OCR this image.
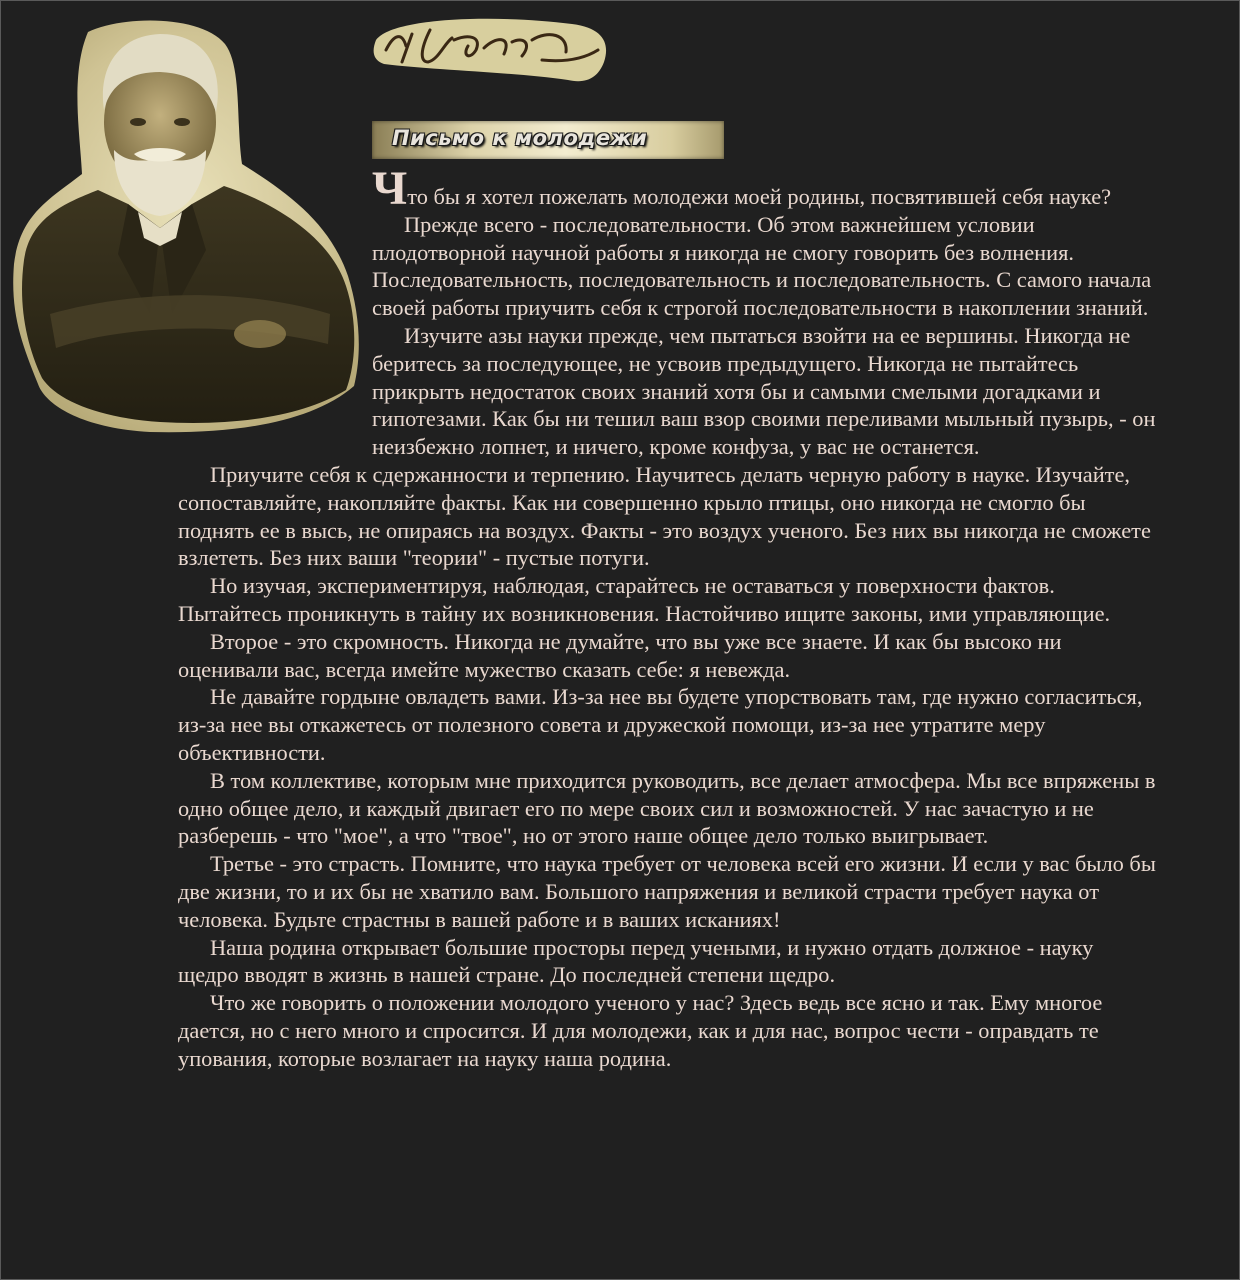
Письмо к молодежи

Что бы я хотел пожелать молодежи моей родины, посвятившей себя науке?

Прежде всего - последовательности. Об этом важнейшем условии плодотворной научной работы я никогда не смогу говорить без волнения. Последовательность, последовательность и последовательность. С самого начала своей работы приучить себя к строгой последовательности в накоплении знаний.

Изучите азы науки прежде, чем пытаться взойти на ее вершины. Никогда не беритесь за последующее, не усвоив предыдущего. Никогда не пытайтесь прикрыть недостаток своих знаний хотя бы и самыми смелыми догадками и гипотезами. Как бы ни тешил ваш взор своими переливами мыльный пузырь, - он неизбежно лопнет, и ничего, кроме конфуза, у вас не останется.

Приучите себя к сдержанности и терпению. Научитесь делать черную работу в науке. Изучайте, сопоставляйте, накопляйте факты. Как ни совершенно крыло птицы, оно никогда не смогло бы поднять ее в высь, не опираясь на воздух. Факты - это воздух ученого. Без них вы никогда не сможете взлететь. Без них ваши "теории" - пустые потуги.

Но изучая, экспериментируя, наблюдая, старайтесь не оставаться у поверхности фактов. Пытайтесь проникнуть в тайну их возникновения. Настойчиво ищите законы, ими управляющие.

Второе - это скромность. Никогда не думайте, что вы уже все знаете. И как бы высоко ни оценивали вас, всегда имейте мужество сказать себе: я невежда.

Не давайте гордыне овладеть вами. Из-за нее вы будете упорствовать там, где нужно согласиться, из-за нее вы откажетесь от полезного совета и дружеской помощи, из-за нее утратите меру объективности.

В том коллективе, которым мне приходится руководить, все делает атмосфера. Мы все впряжены в одно общее дело, и каждый двигает его по мере своих сил и возможностей. У нас зачастую и не разберешь - что "мое", а что "твое", но от этого наше общее дело только выигрывает.

Третье - это страсть. Помните, что наука требует от человека всей его жизни. И если у вас было бы две жизни, то и их бы не хватило вам. Большого напряжения и великой страсти требует наука от человека. Будьте страстны в вашей работе и в ваших исканиях!

Наша родина открывает большие просторы перед учеными, и нужно отдать должное - науку щедро вводят в жизнь в нашей стране. До последней степени щедро.

Что же говорить о положении молодого ученого у нас? Здесь ведь все ясно и так. Ему многое дается, но с него много и спросится. И для молодежи, как и для нас, вопрос чести - оправдать те упования, которые возлагает на науку наша родина.
